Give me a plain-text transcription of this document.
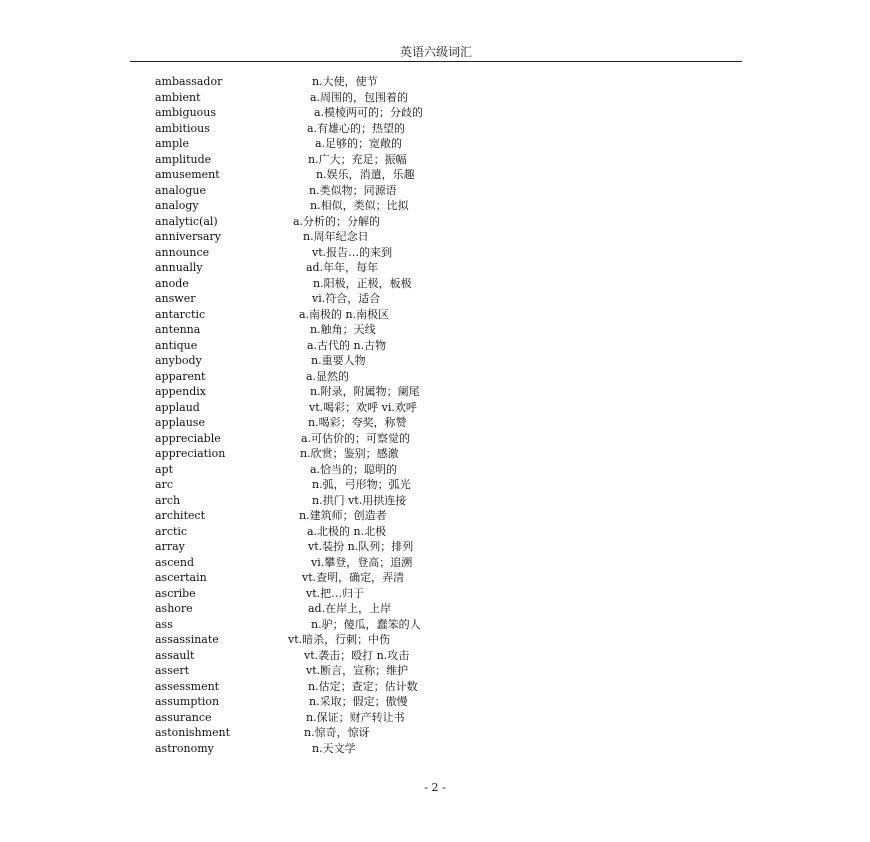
英语六级词汇
ambassador	n.大使，使节
ambient	a.周围的，包围着的
ambiguous	a.模棱两可的；分歧的
ambitious	a.有雄心的；热望的
ample	a.足够的；宽敞的
amplitude	n.广大；充足；振幅
amusement	n.娱乐，消遣，乐趣
analogue	n.类似物；同源语
analogy	n.相似，类似；比拟
analytic(al)	a.分析的；分解的
anniversary	n.周年纪念日
announce	vt.报告…的来到
annually	ad.年年，每年
anode	n.阳极，正极，板极
answer	vi.符合，适合
antarctic	a.南极的 n.南极区
antenna	n.触角；天线
antique	a.古代的 n.古物
anybody	n.重要人物
apparent	a.显然的
appendix	n.附录，附属物；阑尾
applaud	vt.喝彩；欢呼 vi.欢呼
applause	n.喝彩；夸奖，称赞
appreciable	a.可估价的；可察觉的
appreciation	n.欣赏；鉴别；感激
apt	a.恰当的；聪明的
arc	n.弧，弓形物；弧光
arch	n.拱门 vt.用拱连接
architect	n.建筑师；创造者
arctic	a.北极的 n.北极
array	vt.装扮 n.队列；排列
ascend	vi.攀登，登高；追溯
ascertain	vt.查明，确定，弄清
ascribe	vt.把…归于
ashore	ad.在岸上，上岸
ass	n.驴；傻瓜，蠢笨的人
assassinate	vt.暗杀，行刺；中伤
assault	vt.袭击；殴打 n.攻击
assert	vt.断言，宣称；维护
assessment	n.估定；查定；估计数
assumption	n.采取；假定；傲慢
assurance	n.保证；财产转让书
astonishment	n.惊奇，惊讶
astronomy	n.天文学
- 2 -
